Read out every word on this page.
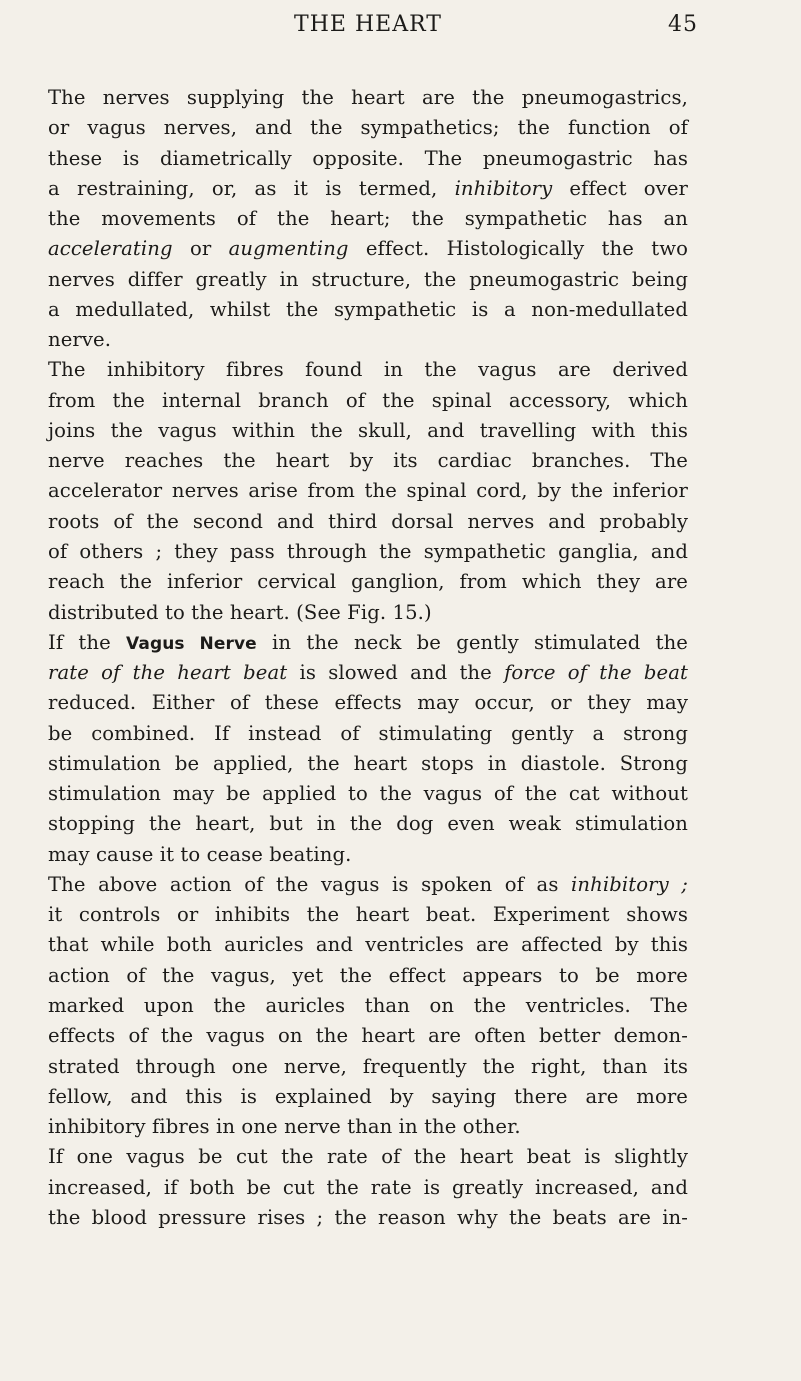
THE HEART	45
The nerves supplying the heart are the pneumogastrics,
or vagus nerves, and the sympathetics; the function of
these is diametrically opposite. The pneumogastric has
a restraining, or, as it is termed, inhibitory effect over
the movements of the heart; the sympathetic has an
accelerating or augmenting effect. Histologically the two
nerves differ greatly in structure, the pneumogastric being
a medullated, whilst the sympathetic is a non-medullated
nerve.
The inhibitory fibres found in the vagus are derived
from the internal branch of the spinal accessory, which
joins the vagus within the skull, and travelling with this
nerve reaches the heart by its cardiac branches. The
accelerator nerves arise from the spinal cord, by the inferior
roots of the second and third dorsal nerves and probably
of others ; they pass through the sympathetic ganglia, and
reach the inferior cervical ganglion, from which they are
distributed to the heart. (See Fig. 15.)
If the Vagus Nerve in the neck be gently stimulated the
rate of the heart beat is slowed and the force of the beat
reduced. Either of these effects may occur, or they may
be combined. If instead of stimulating gently a strong
stimulation be applied, the heart stops in diastole. Strong
stimulation may be applied to the vagus of the cat without
stopping the heart, but in the dog even weak stimulation
may cause it to cease beating.
The above action of the vagus is spoken of as inhibitory ;
it controls or inhibits the heart beat. Experiment shows
that while both auricles and ventricles are affected by this
action of the vagus, yet the effect appears to be more
marked upon the auricles than on the ventricles. The
effects of the vagus on the heart are often better demon-
strated through one nerve, frequently the right, than its
fellow, and this is explained by saying there are more
inhibitory fibres in one nerve than in the other.
If one vagus be cut the rate of the heart beat is slightly
increased, if both be cut the rate is greatly increased, and
the blood pressure rises ; the reason why the beats are in-
